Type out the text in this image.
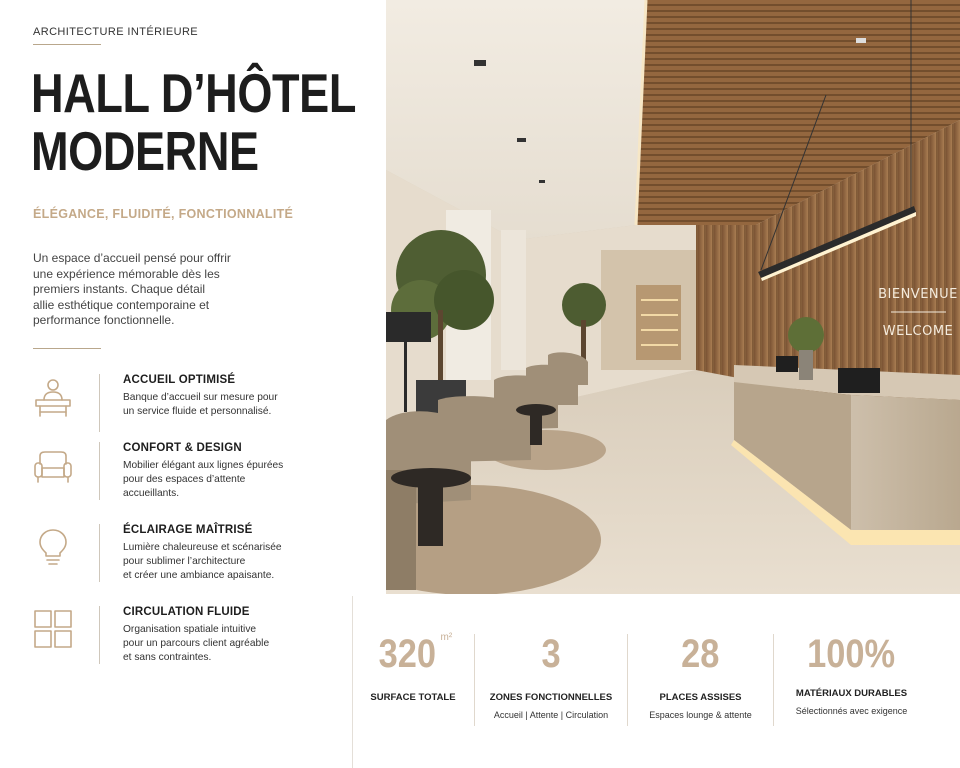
ARCHITECTURE INTÉRIEURE
HALL D’HÔTEL
MODERNE
ÉLÉGANCE, FLUIDITÉ, FONCTIONNALITÉ
Un espace d’accueil pensé pour offrir
une expérience mémorable dès les
premiers instants. Chaque détail
allie esthétique contemporaine et
performance fonctionnelle.
ACCUEIL OPTIMISÉ
Banque d’accueil sur mesure pour
un service fluide et personnalisé.
CONFORT & DESIGN
Mobilier élégant aux lignes épurées
pour des espaces d’attente
accueillants.
ÉCLAIRAGE MAÎTRISÉ
Lumière chaleureuse et scénarisée
pour sublimer l’architecture
et créer une ambiance apaisante.
CIRCULATION FLUIDE
Organisation spatiale intuitive
pour un parcours client agréable
et sans contraintes.
BIENVENUE
WELCOME
320 $^{m^2}$
SURFACE TOTALE
3
ZONES FONCTIONNELLES
Accueil | Attente | Circulation
28
PLACES ASSISES
Espaces lounge & attente
100%
MATÉRIAUX DURABLES
Sélectionnés avec exigence
